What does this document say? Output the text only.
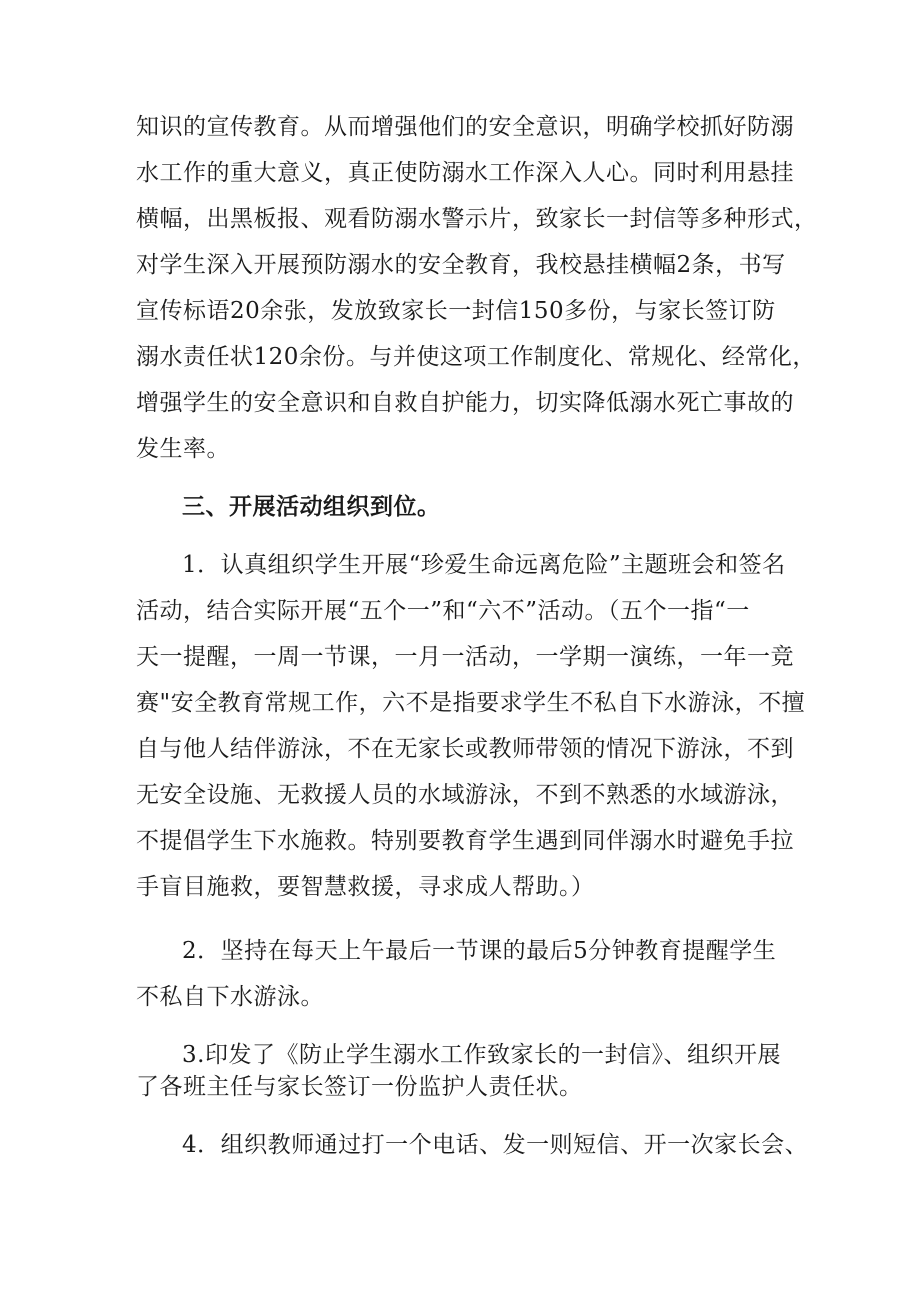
知识的宣传教育。从而增强他们的安全意识，明确学校抓好防溺
水工作的重大意义，真正使防溺水工作深入人心。同时利用悬挂
横幅，出黑板报、观看防溺水警示片，致家长一封信等多种形式，
对学生深入开展预防溺水的安全教育，我校悬挂横幅2条，书写
宣传标语20余张，发放致家长一封信150多份，与家长签订防
溺水责任状120余份。与并使这项工作制度化、常规化、经常化，
增强学生的安全意识和自救自护能力，切实降低溺水死亡事故的
发生率。
三、开展活动组织到位。
1．认真组织学生开展“珍爱生命远离危险”主题班会和签名
活动，结合实际开展“五个一”和“六不”活动。（五个一指“一
天一提醒，一周一节课，一月一活动，一学期一演练，一年一竞
赛"安全教育常规工作，六不是指要求学生不私自下水游泳，不擅
自与他人结伴游泳，不在无家长或教师带领的情况下游泳，不到
无安全设施、无救援人员的水域游泳，不到不熟悉的水域游泳，
不提倡学生下水施救。特别要教育学生遇到同伴溺水时避免手拉
手盲目施救，要智慧救援，寻求成人帮助。）
2．坚持在每天上午最后一节课的最后5分钟教育提醒学生
不私自下水游泳。
3.印发了《防止学生溺水工作致家长的一封信》、组织开展
了各班主任与家长签订一份监护人责任状。
4．组织教师通过打一个电话、发一则短信、开一次家长会、
